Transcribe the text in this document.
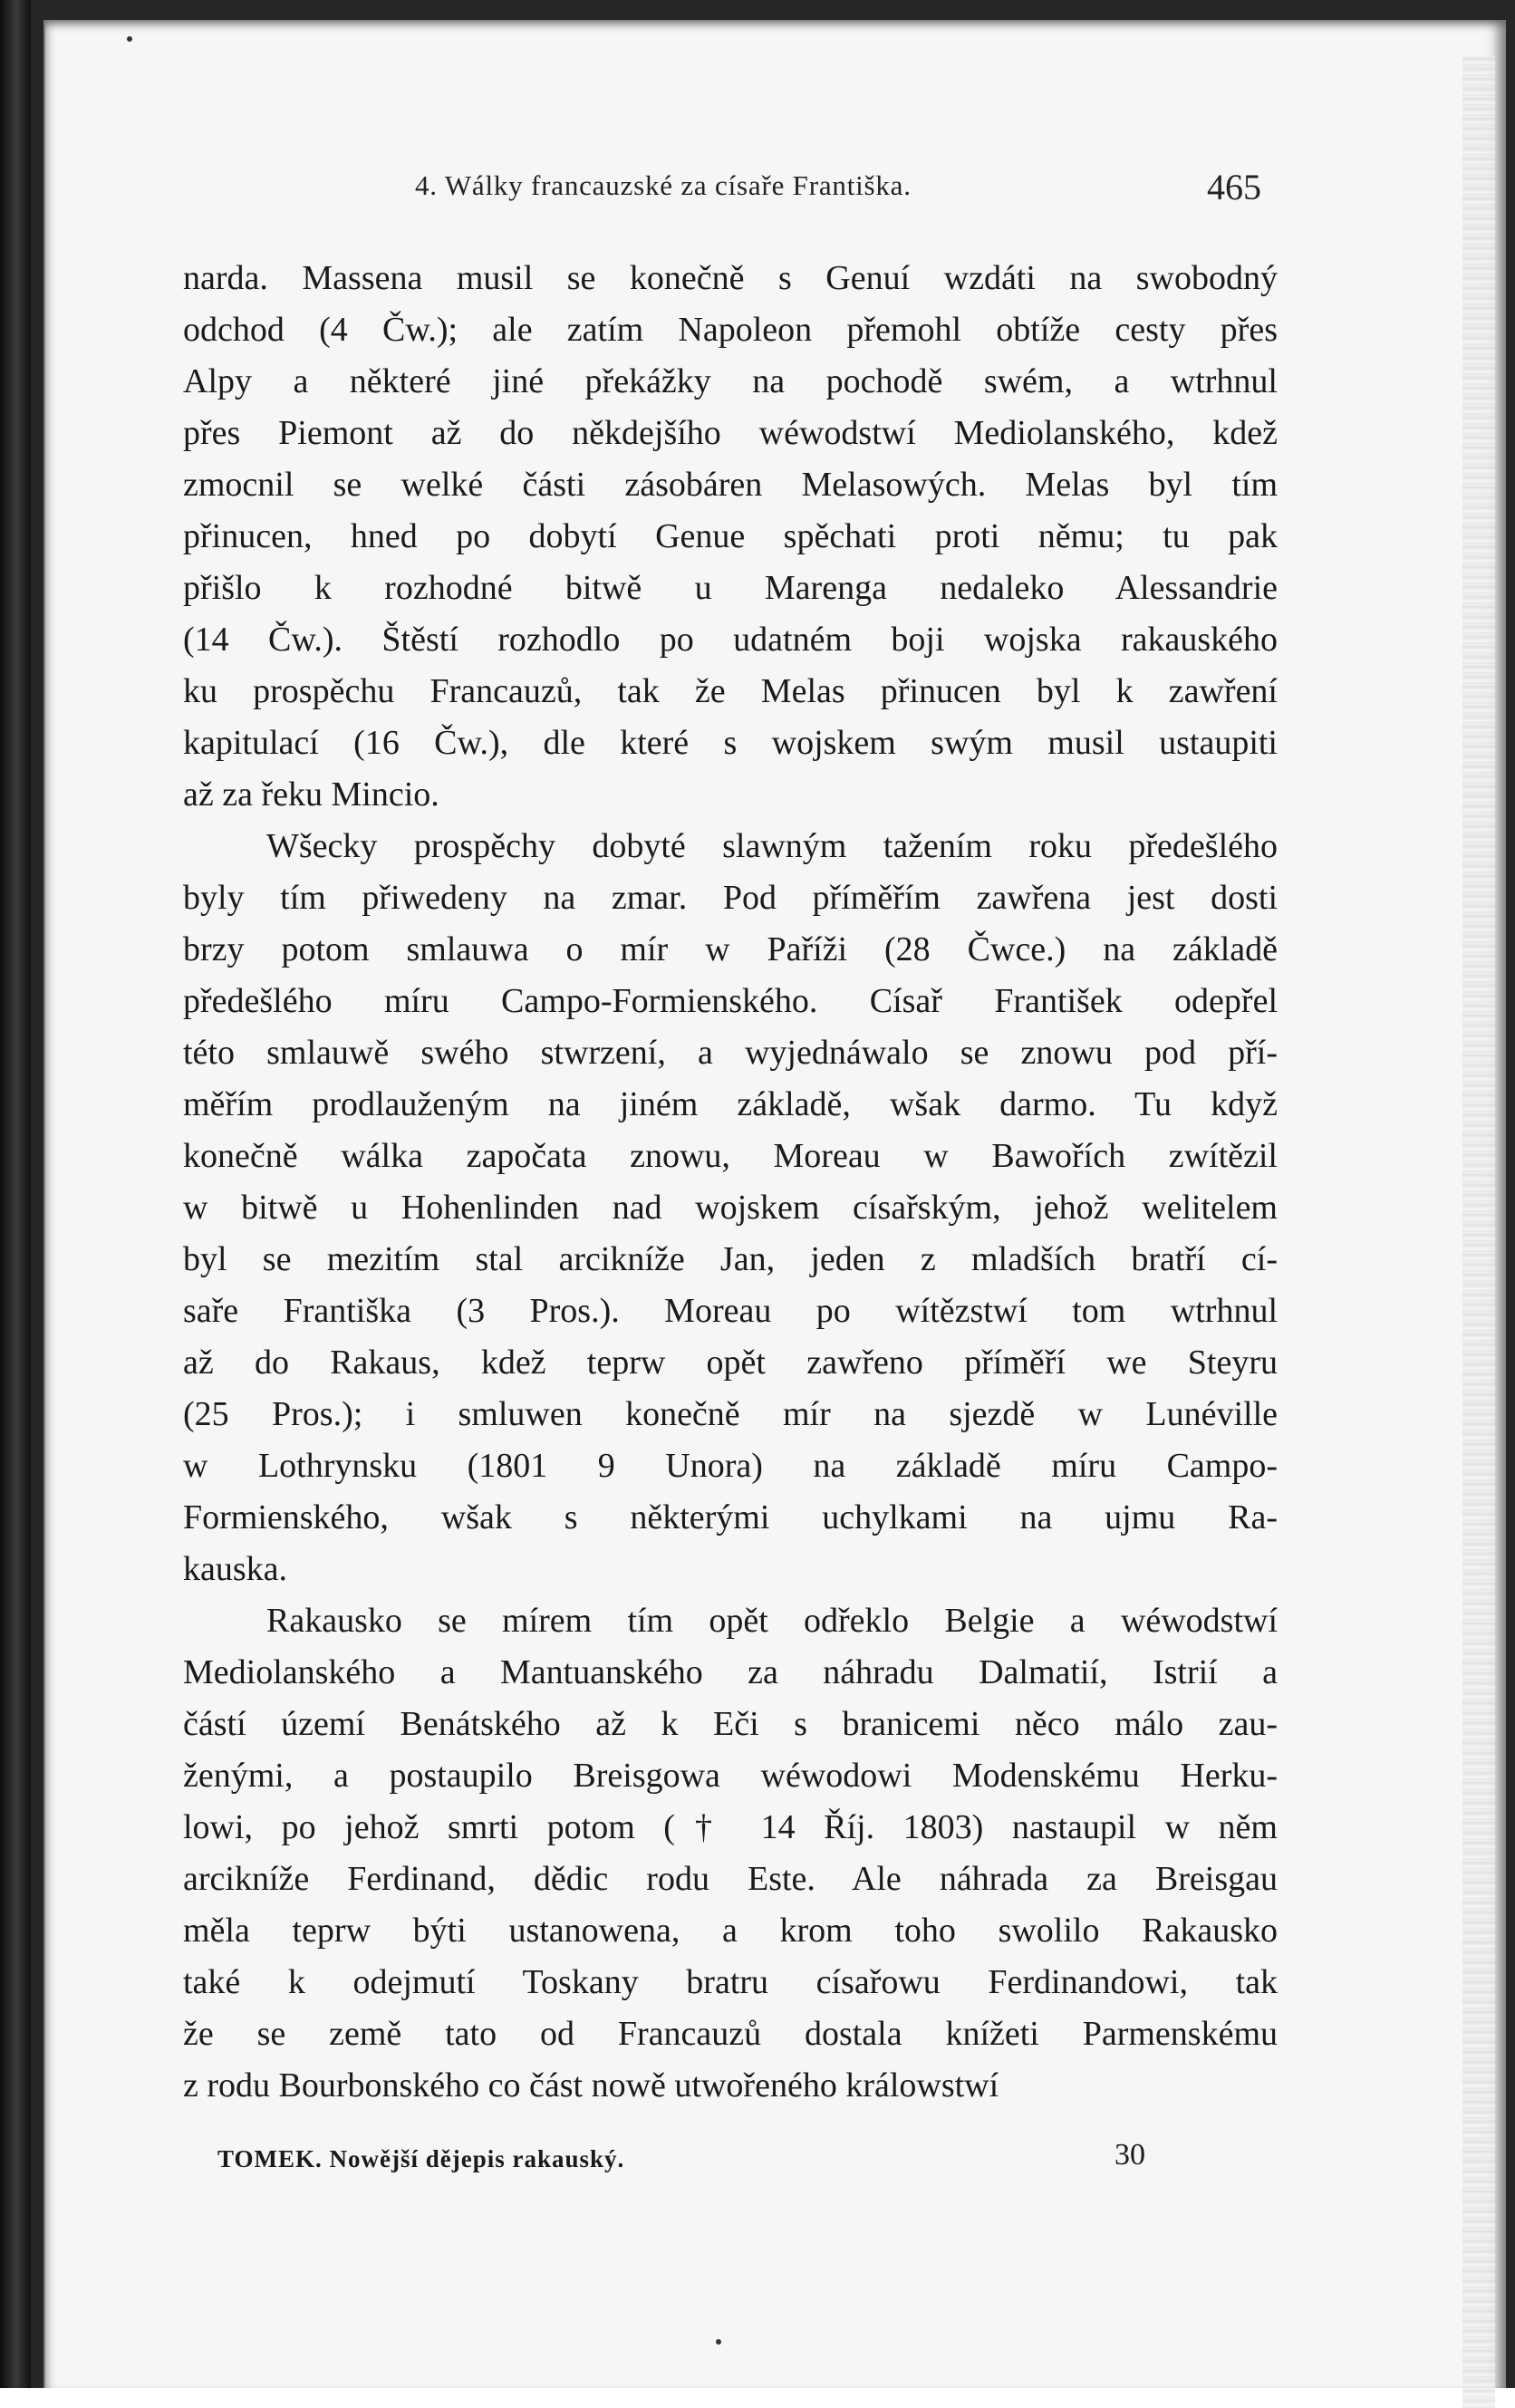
4. Wálky francauzské za císaře Františka.	465
narda. Massena musil se konečně s Genuí wzdáti na swobodný
odchod (4 Čw.); ale zatím Napoleon přemohl obtíže cesty přes
Alpy a některé jiné překážky na pochodě swém, a wtrhnul
přes Piemont až do někdejšího wéwodstwí Mediolanského, kdež
zmocnil se welké části zásobáren Melasowých. Melas byl tím
přinucen, hned po dobytí Genue spěchati proti němu; tu pak
přišlo k rozhodné bitwě u Marenga nedaleko Alessandrie
(14 Čw.). Štěstí rozhodlo po udatném boji wojska rakauského
ku prospěchu Francauzů, tak že Melas přinucen byl k zawření
kapitulací (16 Čw.), dle které s wojskem swým musil ustaupiti
až za řeku Mincio.
Wšecky prospěchy dobyté slawným tažením roku předešlého
byly tím přiwedeny na zmar. Pod příměřím zawřena jest dosti
brzy potom smlauwa o mír w Paříži (28 Čwce.) na základě
předešlého míru Campo-Formienského. Císař František odepřel
této smlauwě swého stwrzení, a wyjednáwalo se znowu pod pří-
měřím prodlauženým na jiném základě, wšak darmo. Tu když
konečně wálka započata znowu, Moreau w Bawořích zwítězil
w bitwě u Hohenlinden nad wojskem císařským, jehož welitelem
byl se mezitím stal arcikníže Jan, jeden z mladších bratří cí-
saře Františka (3 Pros.). Moreau po wítězstwí tom wtrhnul
až do Rakaus, kdež teprw opět zawřeno příměří we Steyru
(25 Pros.); i smluwen konečně mír na sjezdě w Lunéville
w Lothrynsku (1801 9 Unora) na základě míru Campo-
Formienského, wšak s některými uchylkami na ujmu Ra-
kauska.
Rakausko se mírem tím opět odřeklo Belgie a wéwodstwí
Mediolanského a Mantuanského za náhradu Dalmatií, Istrií a
částí území Benátského až k Eči s branicemi něco málo zau-
ženými, a postaupilo Breisgowa wéwodowi Modenskému Herku-
lowi, po jehož smrti potom († 14 Říj. 1803) nastaupil w něm
arcikníže Ferdinand, dědic rodu Este. Ale náhrada za Breisgau
měla teprw býti ustanowena, a krom toho swolilo Rakausko
také k odejmutí Toskany bratru císařowu Ferdinandowi, tak
že se země tato od Francauzů dostala knížeti Parmenskému
z rodu Bourbonského co část nowě utwořeného králowstwí
TOMEK. Nowější dějepis rakauský.	30
